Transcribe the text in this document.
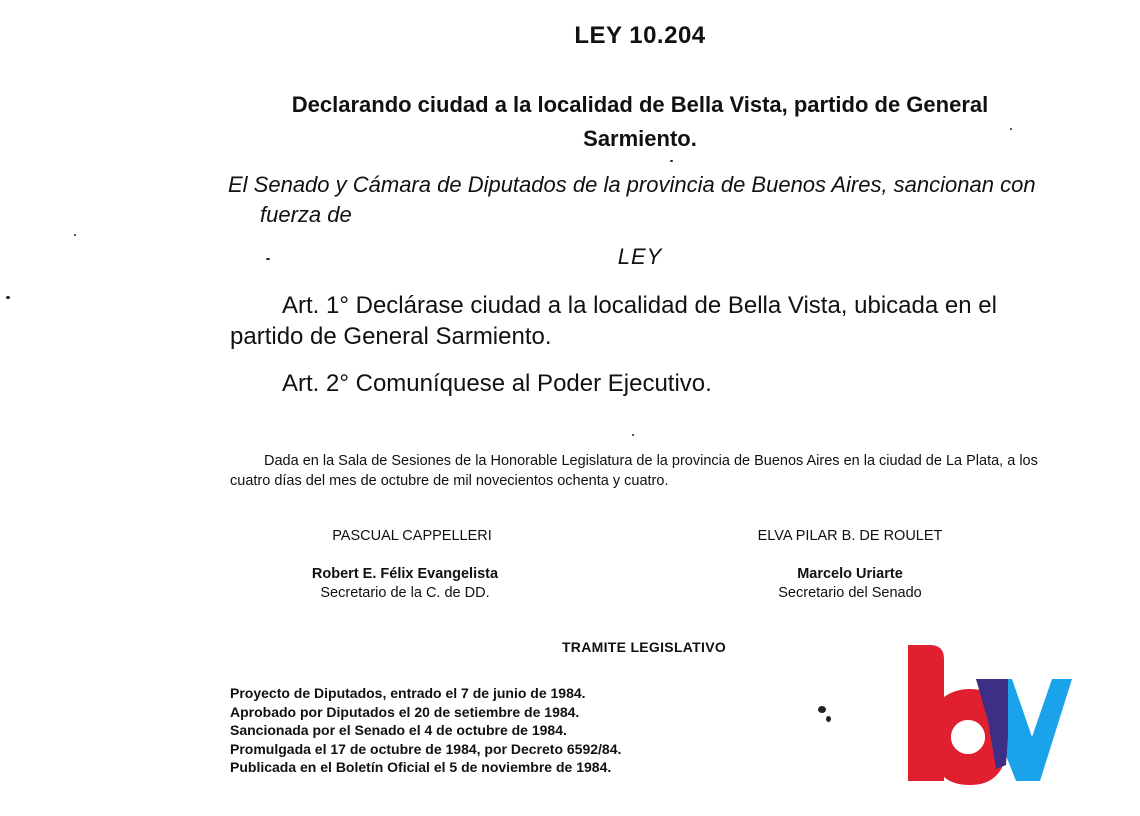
LEY 10.204
Declarando ciudad a la localidad de Bella Vista, partido de General Sarmiento.
El Senado y Cámara de Diputados de la provincia de Buenos Aires, sancionan con fuerza de
LEY
Art. 1° Declárase ciudad a la localidad de Bella Vista, ubicada en el partido de General Sarmiento.
Art. 2° Comuníquese al Poder Ejecutivo.
Dada en la Sala de Sesiones de la Honorable Legislatura de la provincia de Buenos Aires en la ciudad de La Plata, a los cuatro días del mes de octubre de mil novecientos ochenta y cuatro.
PASCUAL CAPPELLERI	ELVA PILAR B. DE ROULET
Robert E. Félix Evangelista
Secretario de la C. de DD.
Marcelo Uriarte
Secretario del Senado
TRAMITE LEGISLATIVO
Proyecto de Diputados, entrado el 7 de junio de 1984.
Aprobado por Diputados el 20 de setiembre de 1984.
Sancionada por el Senado el 4 de octubre de 1984.
Promulgada el 17 de octubre de 1984, por Decreto 6592/84.
Publicada en el Boletín Oficial el 5 de noviembre de 1984.
